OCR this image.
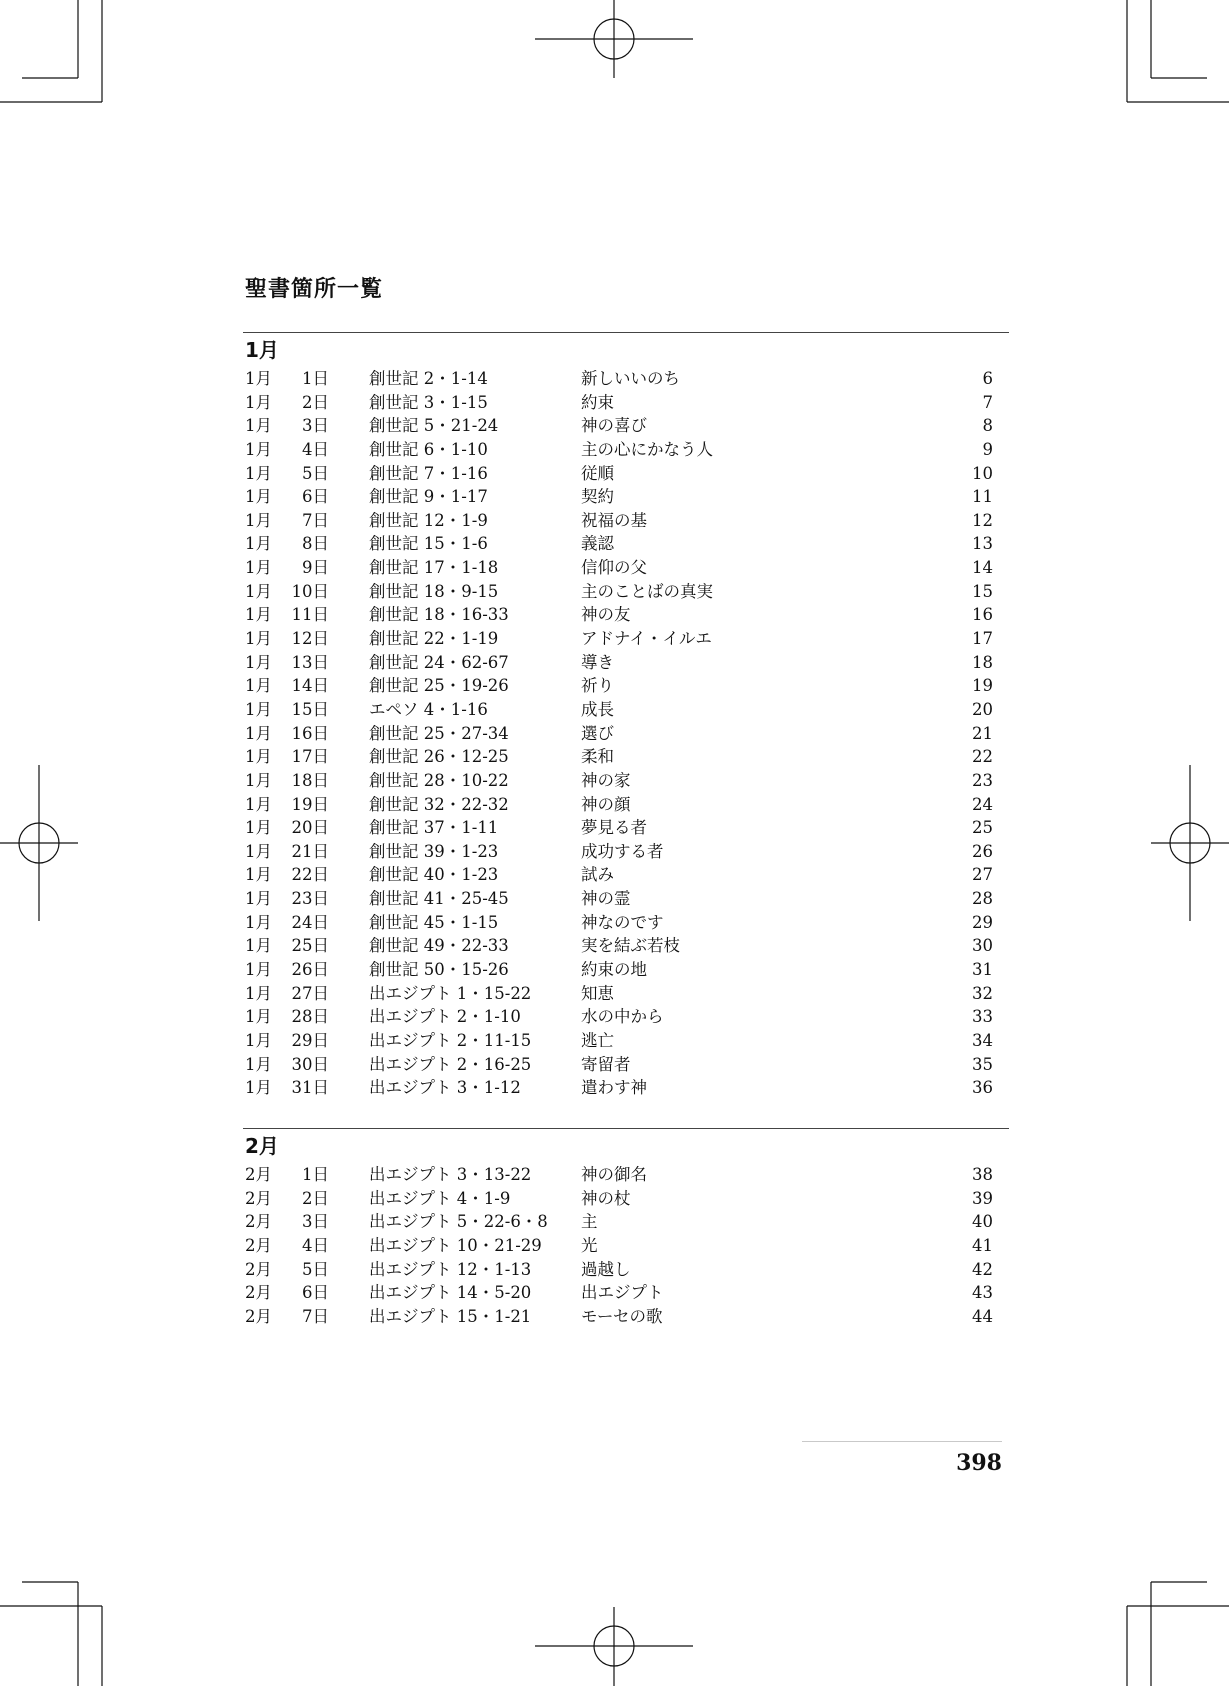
聖書箇所一覧
1月
1月	1日	創世記 2・1-14	新しいいのち	6
1月	2日	創世記 3・1-15	約束	7
1月	3日	創世記 5・21-24	神の喜び	8
1月	4日	創世記 6・1-10	主の心にかなう人	9
1月	5日	創世記 7・1-16	従順	10
1月	6日	創世記 9・1-17	契約	11
1月	7日	創世記 12・1-9	祝福の基	12
1月	8日	創世記 15・1-6	義認	13
1月	9日	創世記 17・1-18	信仰の父	14
1月	10日	創世記 18・9-15	主のことばの真実	15
1月	11日	創世記 18・16-33	神の友	16
1月	12日	創世記 22・1-19	アドナイ・イルエ	17
1月	13日	創世記 24・62-67	導き	18
1月	14日	創世記 25・19-26	祈り	19
1月	15日	エペソ 4・1-16	成長	20
1月	16日	創世記 25・27-34	選び	21
1月	17日	創世記 26・12-25	柔和	22
1月	18日	創世記 28・10-22	神の家	23
1月	19日	創世記 32・22-32	神の顔	24
1月	20日	創世記 37・1-11	夢見る者	25
1月	21日	創世記 39・1-23	成功する者	26
1月	22日	創世記 40・1-23	試み	27
1月	23日	創世記 41・25-45	神の霊	28
1月	24日	創世記 45・1-15	神なのです	29
1月	25日	創世記 49・22-33	実を結ぶ若枝	30
1月	26日	創世記 50・15-26	約束の地	31
1月	27日	出エジプト 1・15-22	知恵	32
1月	28日	出エジプト 2・1-10	水の中から	33
1月	29日	出エジプト 2・11-15	逃亡	34
1月	30日	出エジプト 2・16-25	寄留者	35
1月	31日	出エジプト 3・1-12	遣わす神	36
2月
2月	1日	出エジプト 3・13-22	神の御名	38
2月	2日	出エジプト 4・1-9	神の杖	39
2月	3日	出エジプト 5・22-6・8	主	40
2月	4日	出エジプト 10・21-29	光	41
2月	5日	出エジプト 12・1-13	過越し	42
2月	6日	出エジプト 14・5-20	出エジプト	43
2月	7日	出エジプト 15・1-21	モーセの歌	44
398
